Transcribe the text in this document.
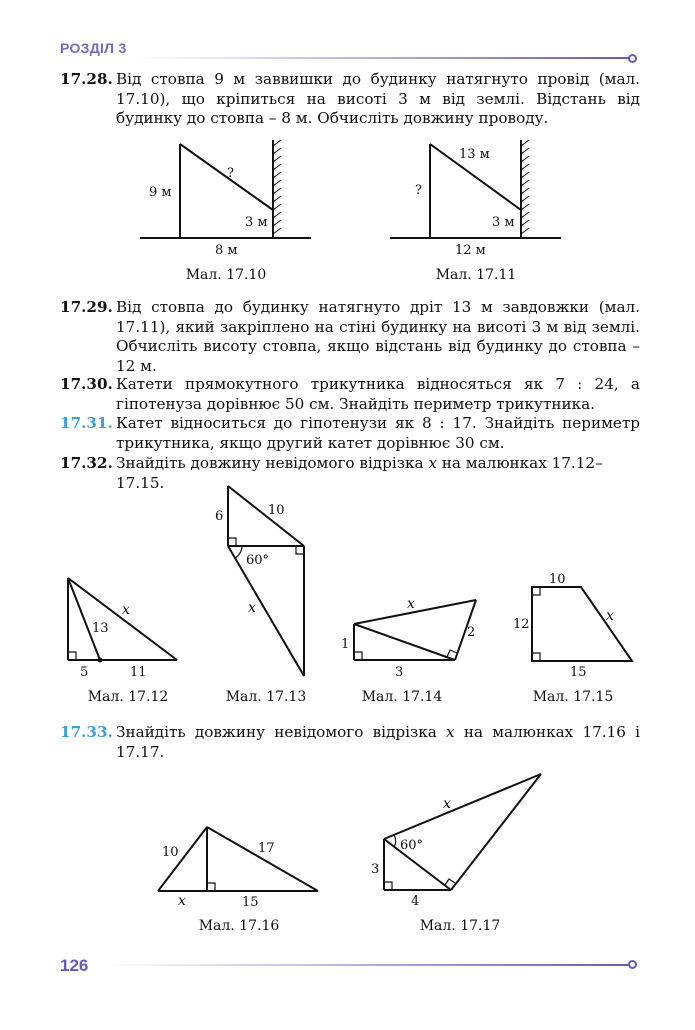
РОЗДІЛ 3
17.28. Від стовпа 9 м заввишки до будинку натягнуто провід (мал. 17.10), що кріпиться на висоті 3 м від землі. Відстань від будинку до стовпа – 8 м. Обчисліть довжину проводу.
9 м
?
3 м
8 м
Мал. 17.10
?
13 м
3 м
12 м
Мал. 17.11
17.29. Від стовпа до будинку натягнуто дріт 13 м завдовжки (мал. 17.11), який закріплено на стіні будинку на висоті 3 м від землі. Обчисліть висоту стовпа, якщо відстань від будинку до стовпа – 12 м.
17.30. Катети прямокутного трикутника відносяться як 7 : 24, а гіпотенуза дорівнює 50 см. Знайдіть периметр трикутника.
17.31. Катет відноситься до гіпотенузи як 8 : 17. Знайдіть периметр трикутника, якщо другий катет дорівнює 30 см.
17.32. Знайдіть довжину невідомого відрізка x на малюнках 17.12–17.15.
13
5	11
x
Мал. 17.12
6	10
60°
x
Мал. 17.13
1
3
2
x
Мал. 17.14
10
12
15
x
Мал. 17.15
17.33. Знайдіть довжину невідомого відрізка x на малюнках 17.16 і 17.17.
10	17
15
x
Мал. 17.16
60°
3
4
x
Мал. 17.17
126
